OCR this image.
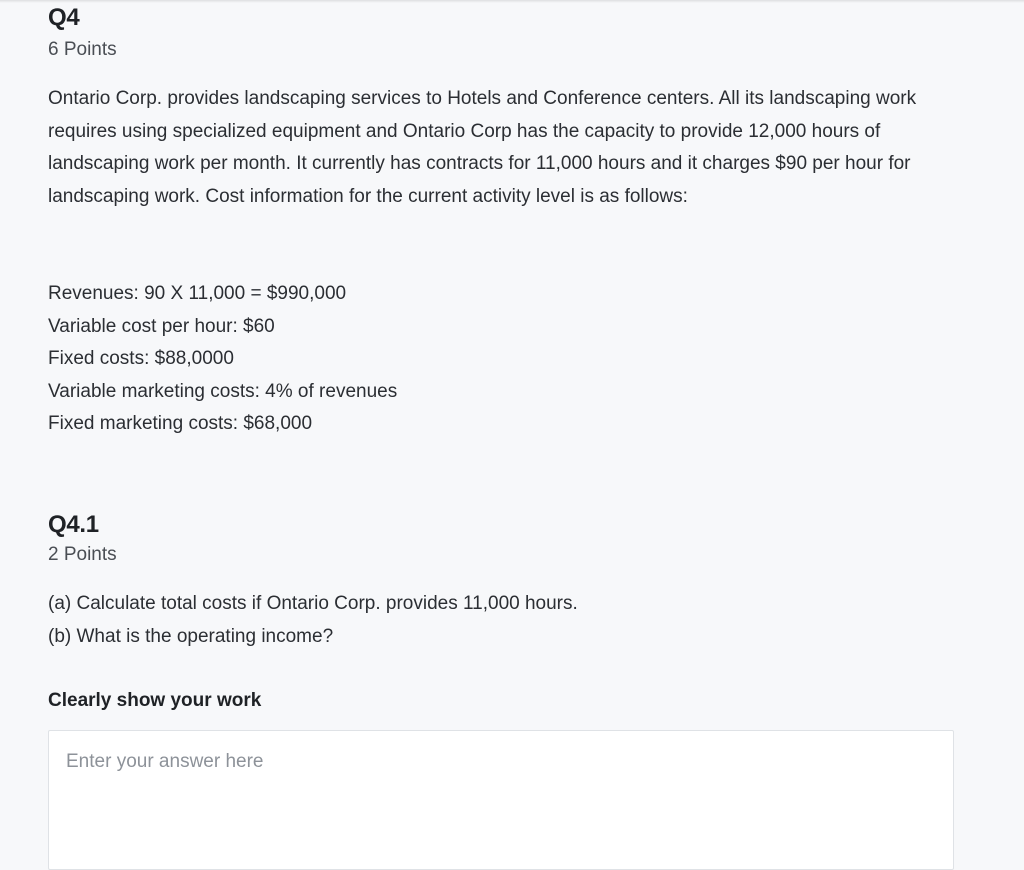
Q4
6 Points

Ontario Corp. provides landscaping services to Hotels and Conference centers. All its landscaping work requires using specialized equipment and Ontario Corp has the capacity to provide 12,000 hours of landscaping work per month. It currently has contracts for 11,000 hours and it charges $90 per hour for landscaping work. Cost information for the current activity level is as follows:

Revenues: 90 X 11,000 = $990,000
Variable cost per hour: $60
Fixed costs: $88,0000
Variable marketing costs: 4% of revenues
Fixed marketing costs: $68,000
Q4.1
2 Points
(a) Calculate total costs if Ontario Corp. provides 11,000 hours.
(b) What is the operating income?
Clearly show your work
Enter your answer here
